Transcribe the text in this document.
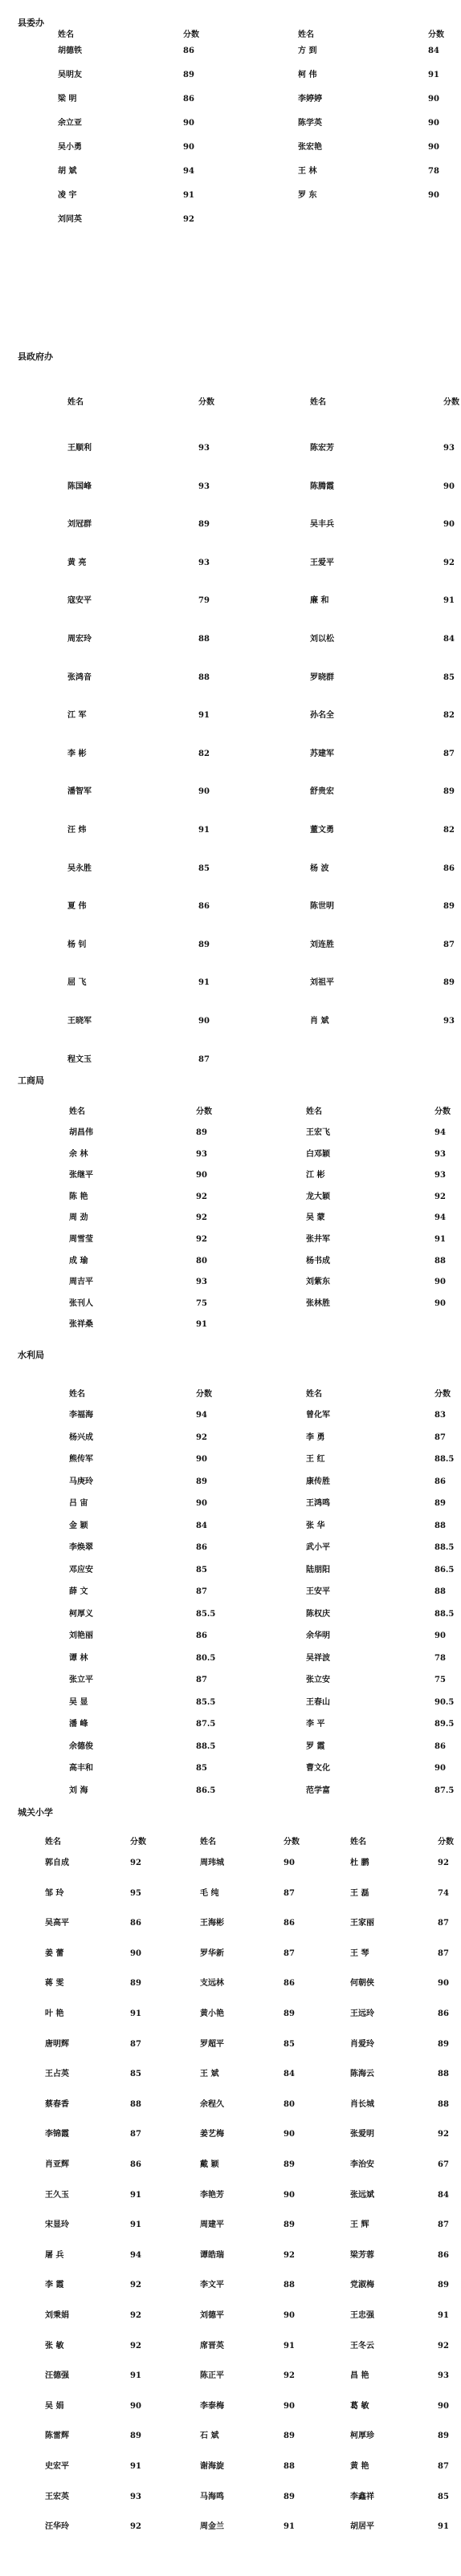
县委办
姓名	分数	姓名	分数
胡德铁	86	方 到	84
吴明友	89	柯 伟	91
梁 明	86	李婷婷	90
余立亚	90	陈学英	90
吴小勇	90	张宏艳	90
胡 斌	94	王 林	78
凌 宇	91	罗 东	90
刘同英	92
县政府办
姓名	分数	姓名	分数
王顺利	93	陈宏芳	93
陈国峰	93	陈腾霞	90
刘冠群	89	吴丰兵	90
黄 亮	93	王爱平	92
寇安平	79	廉 和	91
周宏玲	88	刘以松	84
张鸿音	88	罗晓群	85
江 军	91	孙名全	82
李 彬	82	苏建军	87
潘智军	90	舒贵宏	89
汪 炜	91	董文勇	82
吴永胜	85	杨 波	86
夏 伟	86	陈世明	89
杨 钊	89	刘连胜	87
屈 飞	91	刘祖平	89
王晓军	90	肖 斌	93
程文玉	87
工商局
姓名	分数	姓名	分数
胡昌伟	89	王宏飞	94
余 林	93	白邓颖	93
张继平	90	江 彬	93
陈 艳	92	龙大颖	92
周 劲	92	吴 蒙	94
周雪莹	92	张井军	91
成 瑜	80	杨书成	88
周吉平	93	刘紫东	90
张刊人	75	张林胜	90
张祥桑	91
水利局
姓名	分数	姓名	分数
李福海	94	曾化军	83
杨兴成	92	李 勇	87
熊传军	90	王 红	88.5
马庚玲	89	康传胜	86
吕 宙	90	王鸿鸣	89
金 颖	84	张 华	88
李焕翠	86	武小平	88.5
邓应安	85	陆朋阳	86.5
薛 文	87	王安平	88
柯厚义	85.5	陈权庆	88.5
刘艳丽	86	余华明	90
谭 林	80.5	吴祥波	78
张立平	87	张立安	75
吴 显	85.5	王春山	90.5
潘 峰	87.5	李 平	89.5
余德俊	88.5	罗 霞	86
高丰和	85	曹文化	90
刘 海	86.5	范学富	87.5
城关小学
姓名	分数	姓名	分数	姓名	分数
郭自成	92	周玮城	90	杜 鹏	92
邹 玲	95	毛 纯	87	王 磊	74
吴高平	86	王海彬	86	王家丽	87
姜 蕾	90	罗华新	87	王 琴	87
蒋 雯	89	支远林	86	何朝侠	90
叶 艳	91	黄小艳	89	王远玲	86
唐明辉	87	罗超平	85	肖爱玲	89
王占英	85	王 斌	84	陈海云	88
蔡春香	88	余程久	80	肖长城	88
李锦霞	87	姜艺梅	90	张爱明	92
肖亚辉	86	戴 颖	89	李治安	67
王久玉	91	李艳芳	90	张远斌	84
宋显玲	91	周建平	89	王 辉	87
屠 兵	94	谭皓瑞	92	梁芳蓉	86
李 霞	92	李文平	88	党淑梅	89
刘秉娟	92	刘德平	90	王忠强	91
张 敏	92	席晋英	91	王冬云	92
汪德强	91	陈正平	92	昌 艳	93
吴 娟	90	李泰梅	90	葛 敏	90
陈雷辉	89	石 斌	89	柯厚珍	89
史宏平	91	谢海旋	88	黄 艳	87
王宏英	93	马海鸣	89	李鑫祥	85
汪华玲	92	周金兰	91	胡居平	91
